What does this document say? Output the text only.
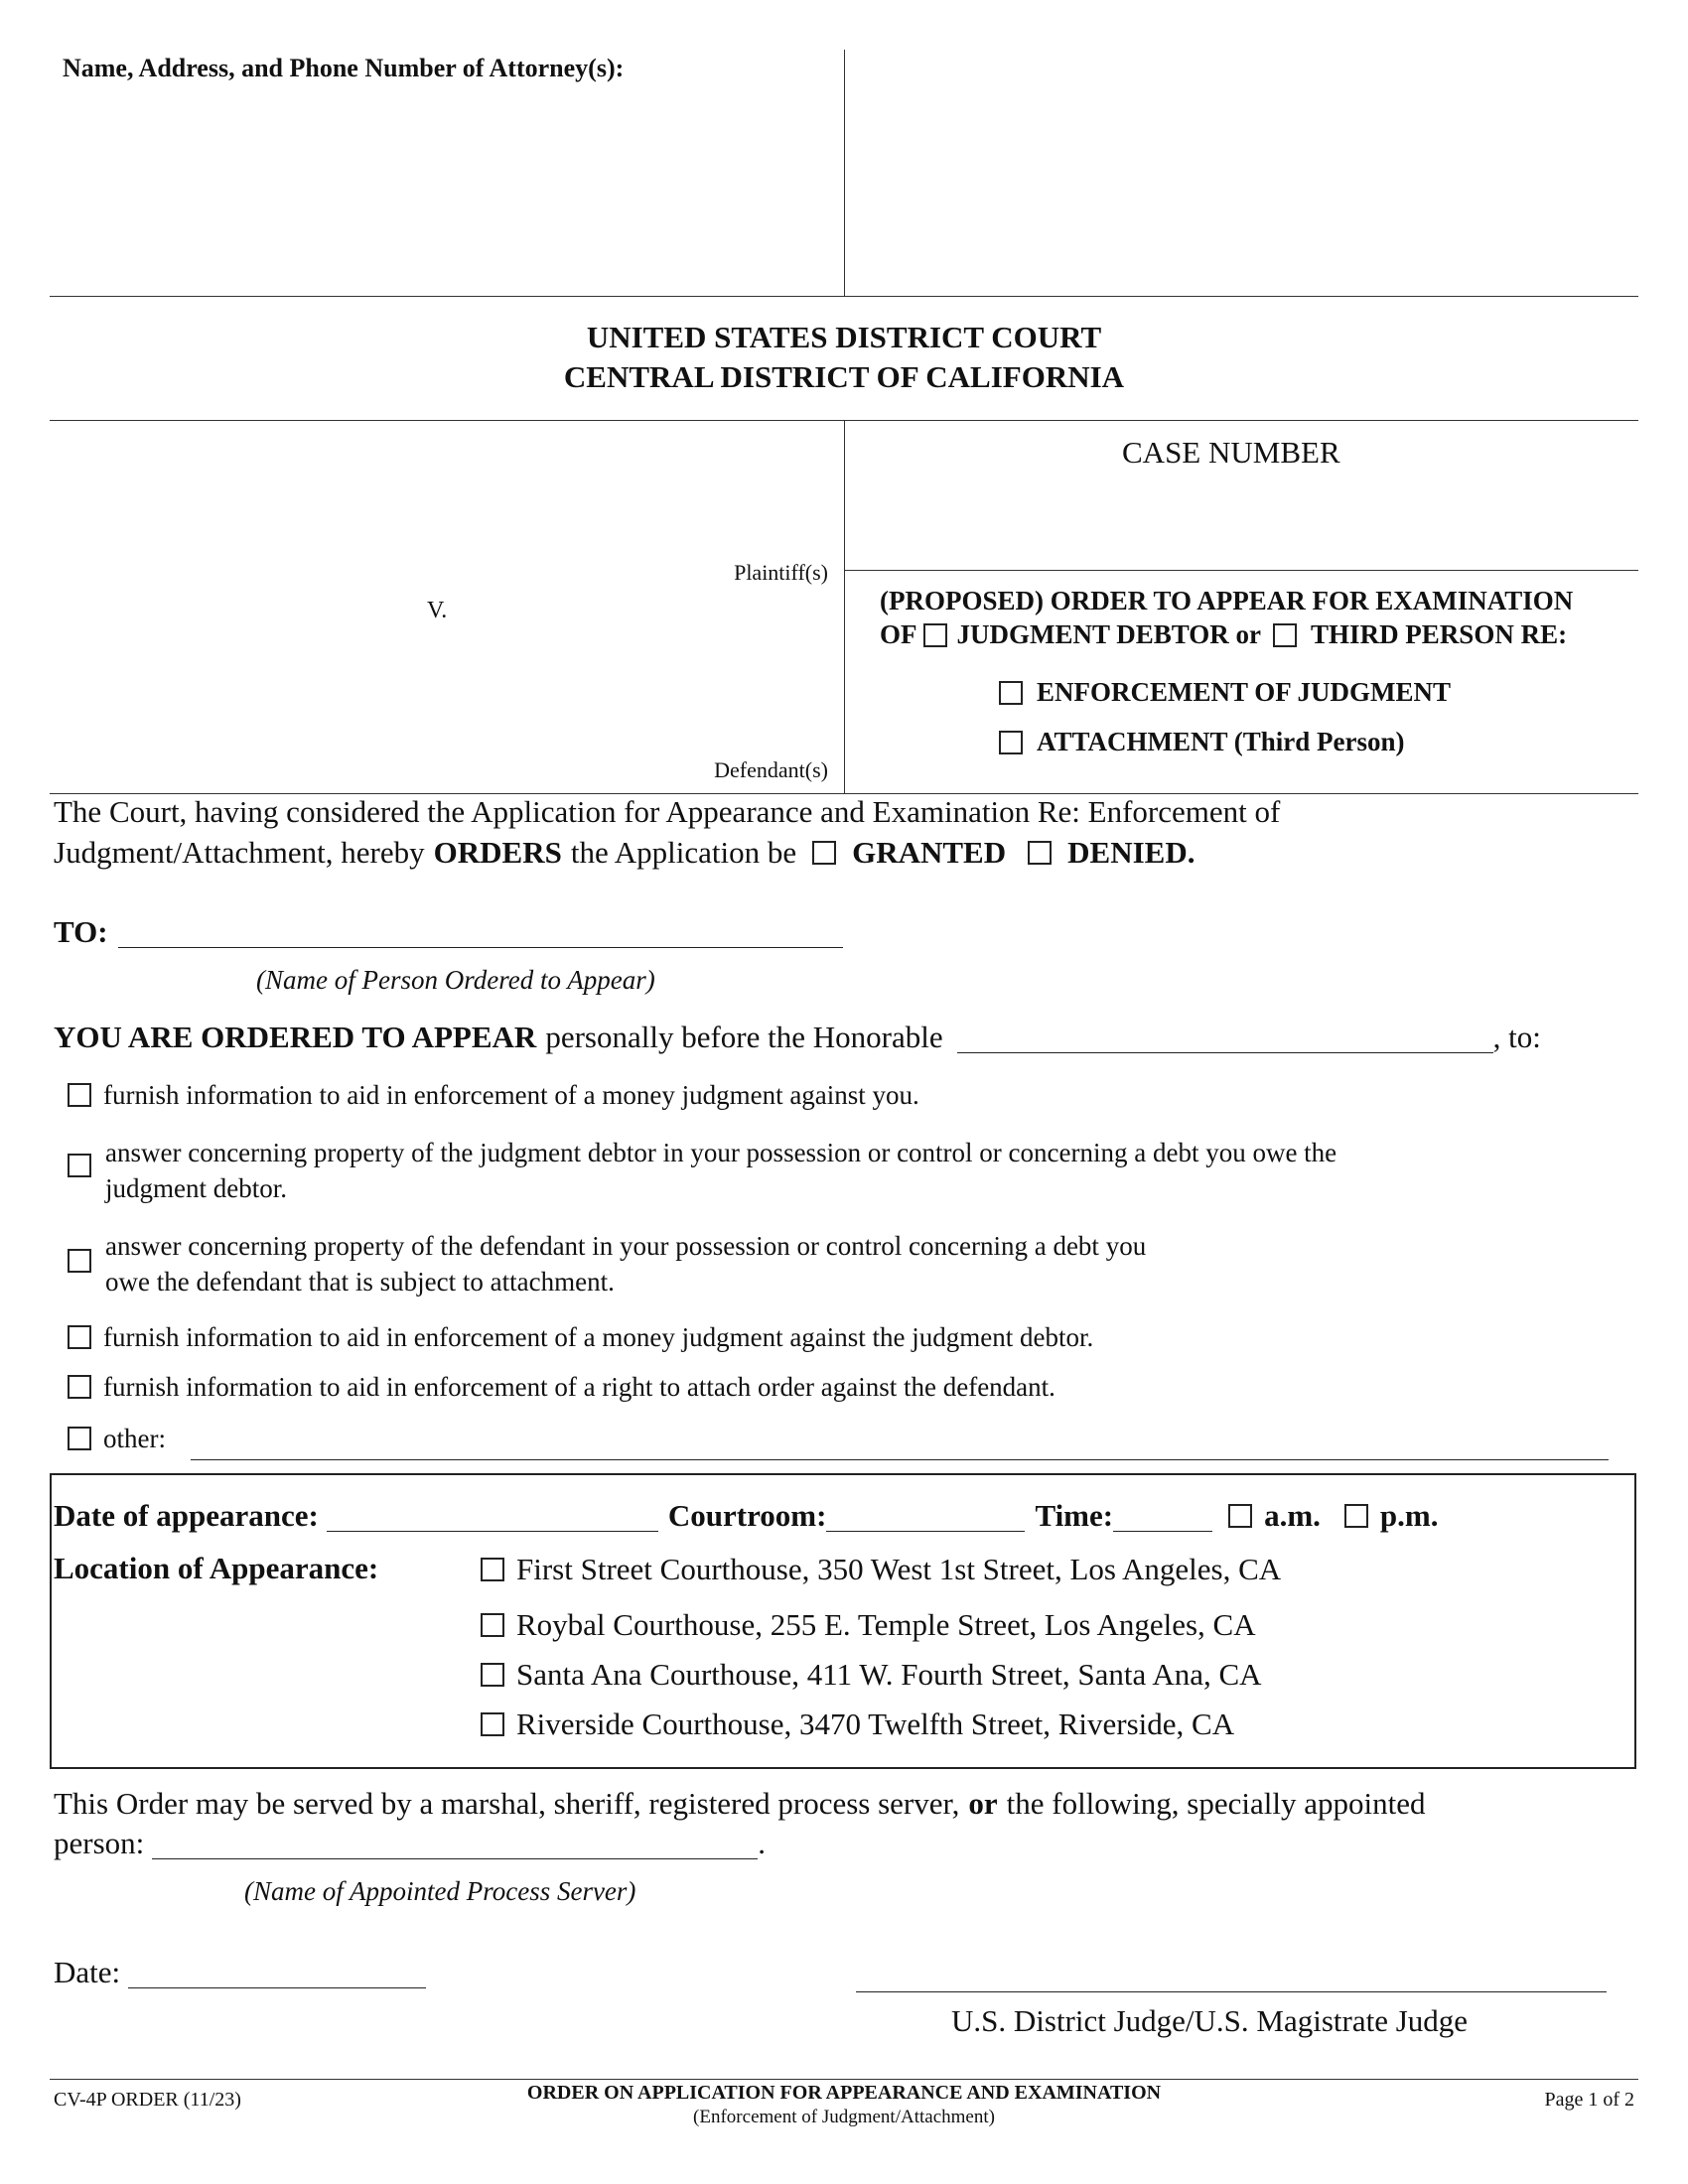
Name, Address, and Phone Number of Attorney(s):
UNITED STATES DISTRICT COURT
CENTRAL DISTRICT OF CALIFORNIA
Plaintiff(s)
V.
Defendant(s)
CASE NUMBER
(PROPOSED) ORDER TO APPEAR FOR EXAMINATION
OF JUDGMENT DEBTOR or THIRD PERSON RE:
ENFORCEMENT OF JUDGMENT
ATTACHMENT (Third Person)
The Court, having considered the Application for Appearance and Examination Re: Enforcement of
Judgment/Attachment, hereby ORDERS the Application be GRANTED DENIED .
TO:
(Name of Person Ordered to Appear)
YOU ARE ORDERED TO APPEAR personally before the Honorable	, to:
furnish information to aid in enforcement of a money judgment against you.
answer concerning property of the judgment debtor in your possession or control or concerning a debt you owe the
judgment debtor.
answer concerning property of the defendant in your possession or control concerning a debt you
owe the defendant that is subject to attachment.
furnish information to aid in enforcement of a money judgment against the judgment debtor.
furnish information to aid in enforcement of a right to attach order against the defendant.
other:
Date of appearance:	Courtroom:	Time:	a.m. p.m.
Location of Appearance:	First Street Courthouse, 350 West 1st Street, Los Angeles, CA
Roybal Courthouse, 255 E. Temple Street, Los Angeles, CA
Santa Ana Courthouse, 411 W. Fourth Street, Santa Ana, CA
Riverside Courthouse, 3470 Twelfth Street, Riverside, CA
This Order may be served by a marshal, sheriff, registered process server, or the following, specially appointed
person:	.
(Name of Appointed Process Server)
Date:
U.S. District Judge/U.S. Magistrate Judge
CV-4P ORDER (11/23)	ORDER ON APPLICATION FOR APPEARANCE AND EXAMINATION
(Enforcement of Judgment/Attachment)
Page 1 of 2
